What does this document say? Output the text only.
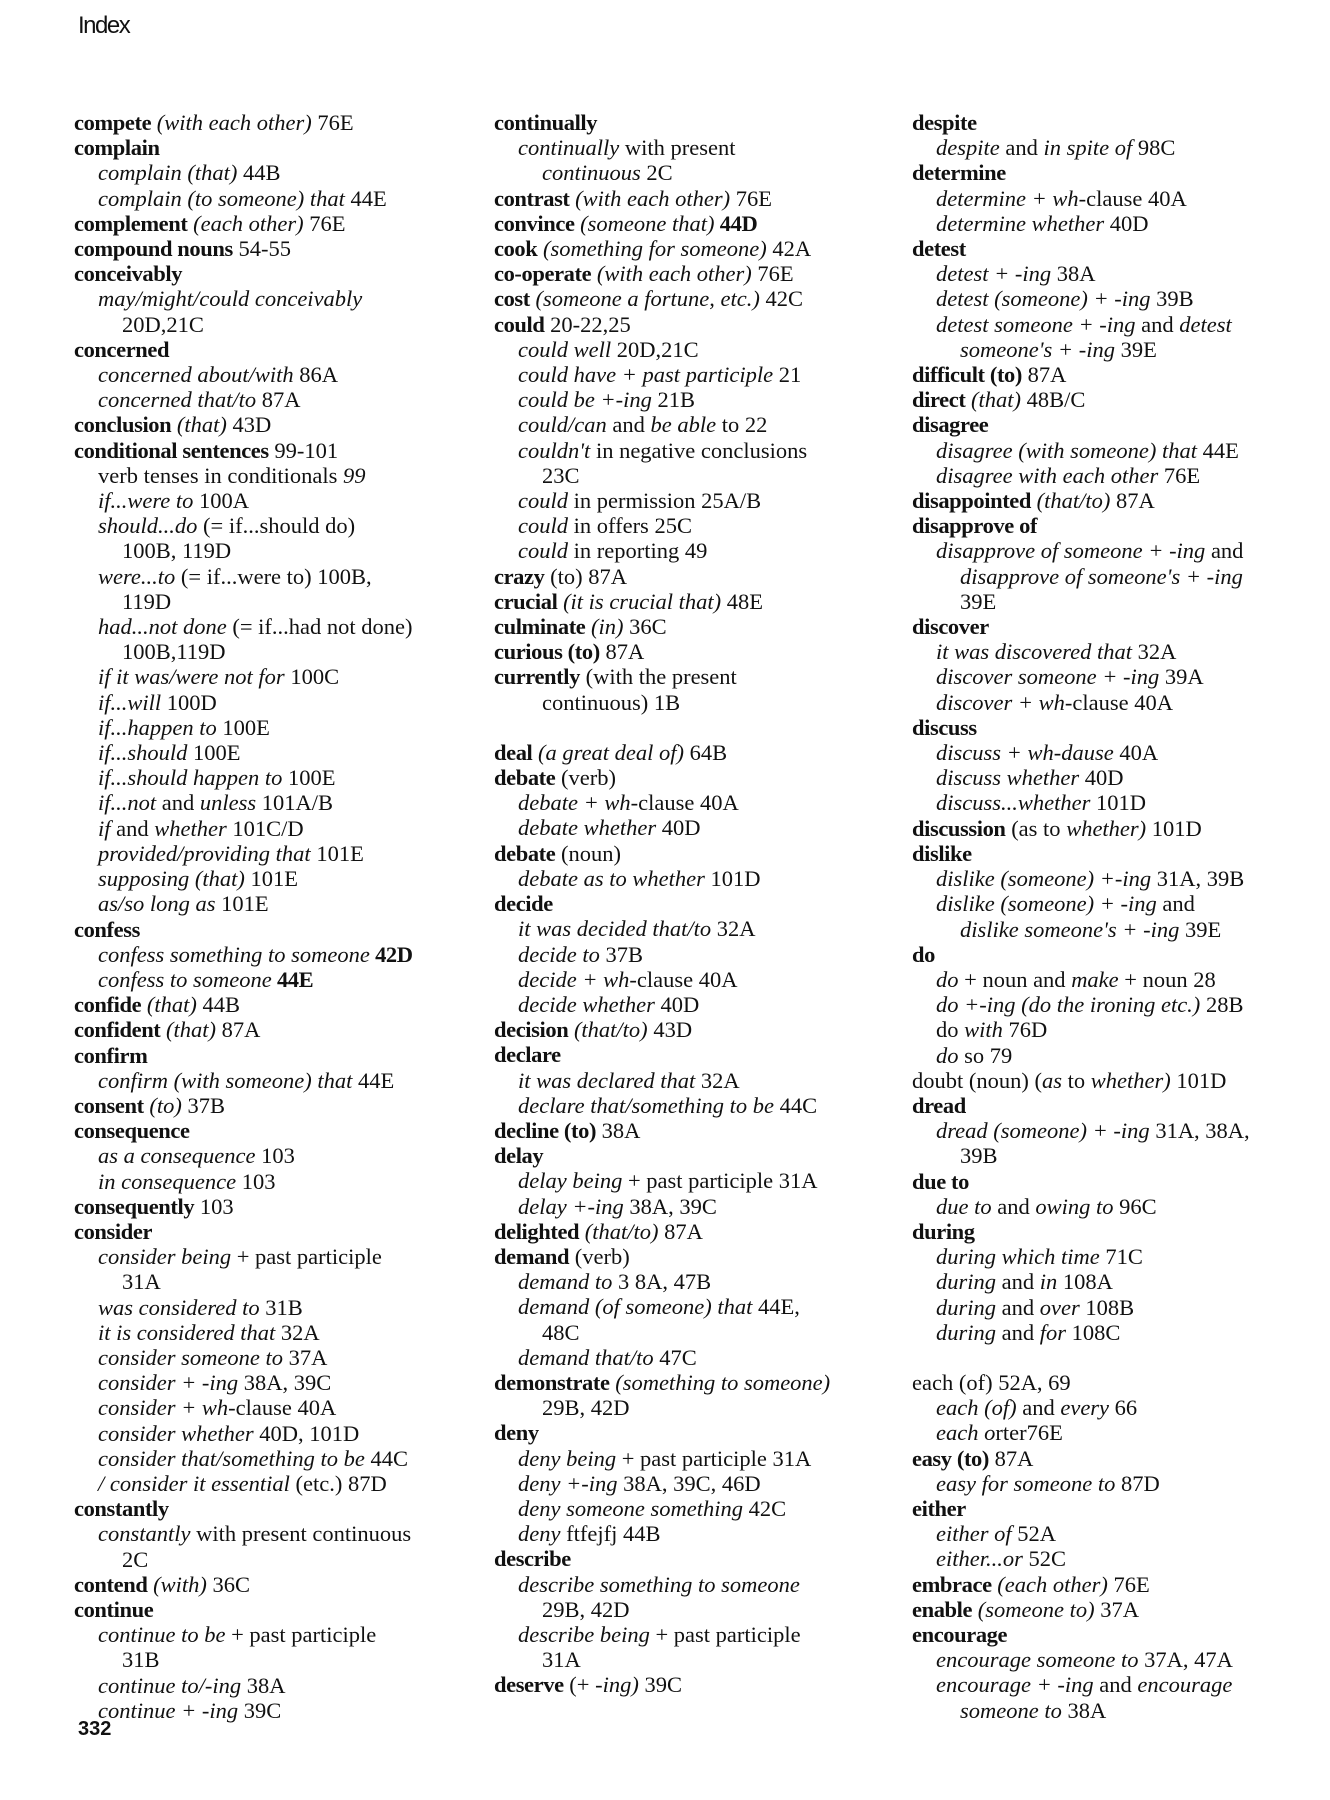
Index
compete (with each other) 76E
complain
complain (that) 44B
complain (to someone) that 44E
complement (each other) 76E
compound nouns 54-55
conceivably
may/might/could conceivably
20D,21C
concerned
concerned about/with 86A
concerned that/to 87A
conclusion (that) 43D
conditional sentences 99-101
verb tenses in conditionals 99
if...were to 100A
should...do (= if...should do)
100B, 119D
were...to (= if...were to) 100B,
119D
had...not done (= if...had not done)
100B,119D
if it was/were not for 100C
if...will 100D
if...happen to 100E
if...should 100E
if...should happen to 100E
if...not and unless 101A/B
if and whether 101C/D
provided/providing that 101E
supposing (that) 101E
as/so long as 101E
confess
confess something to someone 42D
confess to someone 44E
confide (that) 44B
confident (that) 87A
confirm
confirm (with someone) that 44E
consent (to) 37B
consequence
as a consequence 103
in consequence 103
consequently 103
consider
consider being + past participle
31A
was considered to 31B
it is considered that 32A
consider someone to 37A
consider + -ing 38A, 39C
consider + wh-clause 40A
consider whether 40D, 101D
consider that/something to be 44C
/ consider it essential (etc.) 87D
constantly
constantly with present continuous
2C
contend (with) 36C
continue
continue to be + past participle
31B
continue to/-ing 38A
continue + -ing 39C
continually
continually with present
continuous 2C
contrast (with each other) 76E
convince (someone that) 44D
cook (something for someone) 42A
co-operate (with each other) 76E
cost (someone a fortune, etc.) 42C
could 20-22,25
could well 20D,21C
could have + past participle 21
could be +-ing 21B
could/can and be able to 22
couldn't in negative conclusions
23C
could in permission 25A/B
could in offers 25C
could in reporting 49
crazy (to) 87A
crucial (it is crucial that) 48E
culminate (in) 36C
curious (to) 87A
currently (with the present
continuous) 1B
deal (a great deal of) 64B
debate (verb)
debate + wh-clause 40A
debate whether 40D
debate (noun)
debate as to whether 101D
decide
it was decided that/to 32A
decide to 37B
decide + wh-clause 40A
decide whether 40D
decision (that/to) 43D
declare
it was declared that 32A
declare that/something to be 44C
decline (to) 38A
delay
delay being + past participle 31A
delay +-ing 38A, 39C
delighted (that/to) 87A
demand (verb)
demand to 3 8A, 47B
demand (of someone) that 44E,
48C
demand that/to 47C
demonstrate (something to someone)
29B, 42D
deny
deny being + past participle 31A
deny +-ing 38A, 39C, 46D
deny someone something 42C
deny ftfejfj 44B
describe
describe something to someone
29B, 42D
describe being + past participle
31A
deserve (+ -ing) 39C
despite
despite and in spite of 98C
determine
determine + wh-clause 40A
determine whether 40D
detest
detest + -ing 38A
detest (someone) + -ing 39B
detest someone + -ing and detest
someone's + -ing 39E
difficult (to) 87A
direct (that) 48B/C
disagree
disagree (with someone) that 44E
disagree with each other 76E
disappointed (that/to) 87A
disapprove of
disapprove of someone + -ing and
disapprove of someone's + -ing
39E
discover
it was discovered that 32A
discover someone + -ing 39A
discover + wh-clause 40A
discuss
discuss + wh-dause 40A
discuss whether 40D
discuss...whether 101D
discussion (as to whether) 101D
dislike
dislike (someone) +-ing 31A, 39B
dislike (someone) + -ing and
dislike someone's + -ing 39E
do
do + noun and make + noun 28
do +-ing (do the ironing etc.) 28B
do with 76D
do so 79
doubt (noun) (as to whether) 101D
dread
dread (someone) + -ing 31A, 38A,
39B
due to
due to and owing to 96C
during
during which time 71C
during and in 108A
during and over 108B
during and for 108C
each (of) 52A, 69
each (of) and every 66
each orter76E
easy (to) 87A
easy for someone to 87D
either
either of 52A
either...or 52C
embrace (each other) 76E
enable (someone to) 37A
encourage
encourage someone to 37A, 47A
encourage + -ing and encourage
someone to 38A
332
